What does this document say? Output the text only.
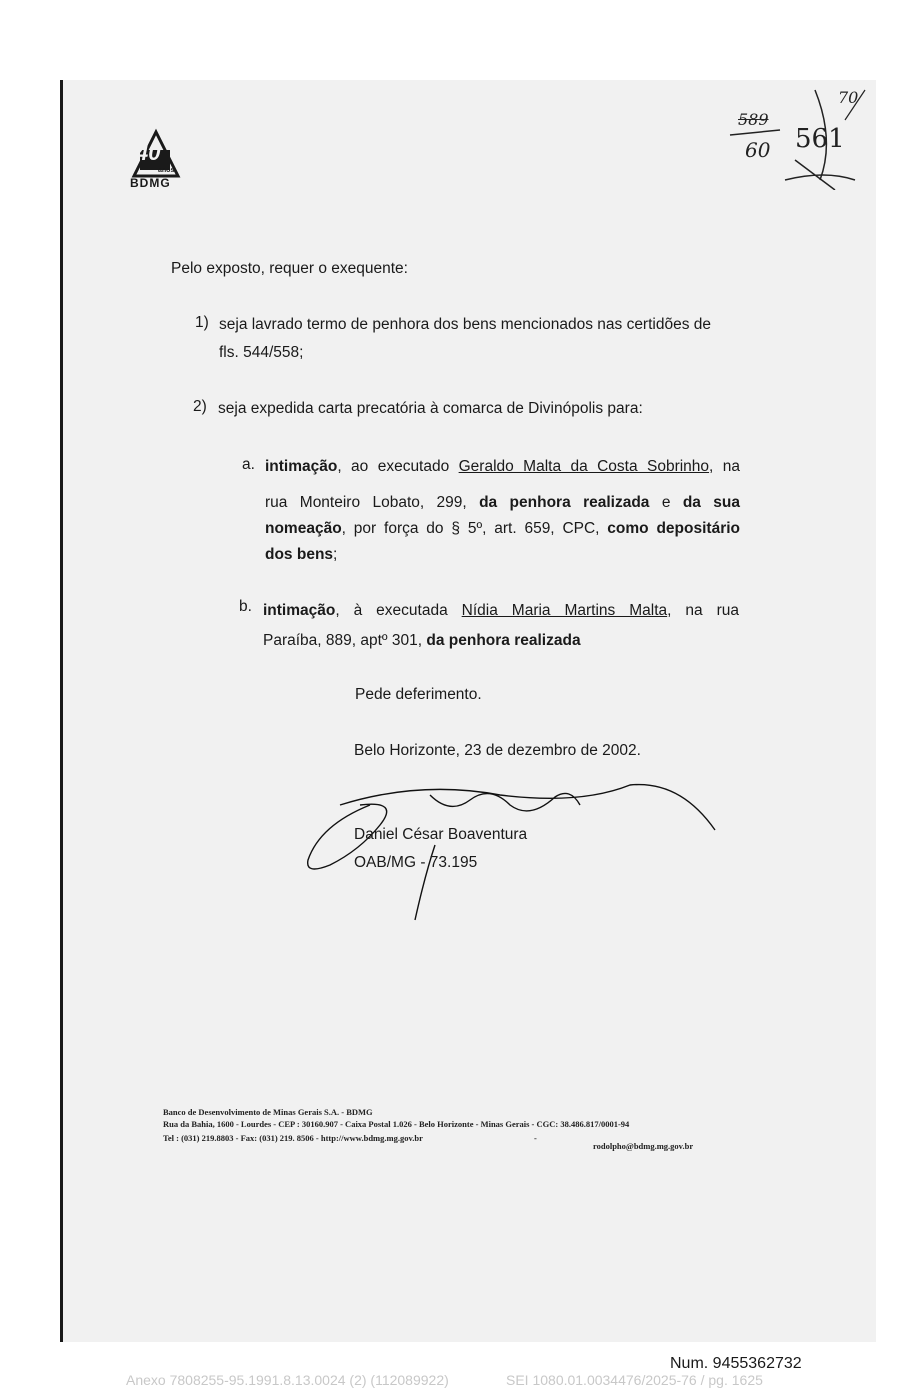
40
anos
BDMG
589
60 561
70
Pelo exposto, requer o exequente:
1) seja lavrado termo de penhora dos bens mencionados nas certidões de
fls. 544/558;
2) seja expedida carta precatória à comarca de Divinópolis para:
a. intimação, ao executado Geraldo Malta da Costa Sobrinho, na
rua Monteiro Lobato, 299, da penhora realizada e da sua
nomeação, por força do § 5º, art. 659, CPC, como depositário
dos bens;
b. intimação, à executada Nídia Maria Martins Malta, na rua
Paraíba, 889, aptº 301, da penhora realizada
Pede deferimento.
Belo Horizonte, 23 de dezembro de 2002.
Daniel César Boaventura
OAB/MG - 73.195
Banco de Desenvolvimento de Minas Gerais S.A. - BDMG
Rua da Bahia, 1600 - Lourdes - CEP : 30160.907 - Caixa Postal 1.026 - Belo Horizonte - Minas Gerais - CGC: 38.486.817/0001-94
Tel : (031) 219.8803 - Fax: (031) 219. 8506 - http://www.bdmg.mg.gov.br	-
rodolpho@bdmg.mg.gov.br
Num. 9455362732
Anexo 7808255-95.1991.8.13.0024 (2) (112089922)	SEI 1080.01.0034476/2025-76 / pg. 1625
